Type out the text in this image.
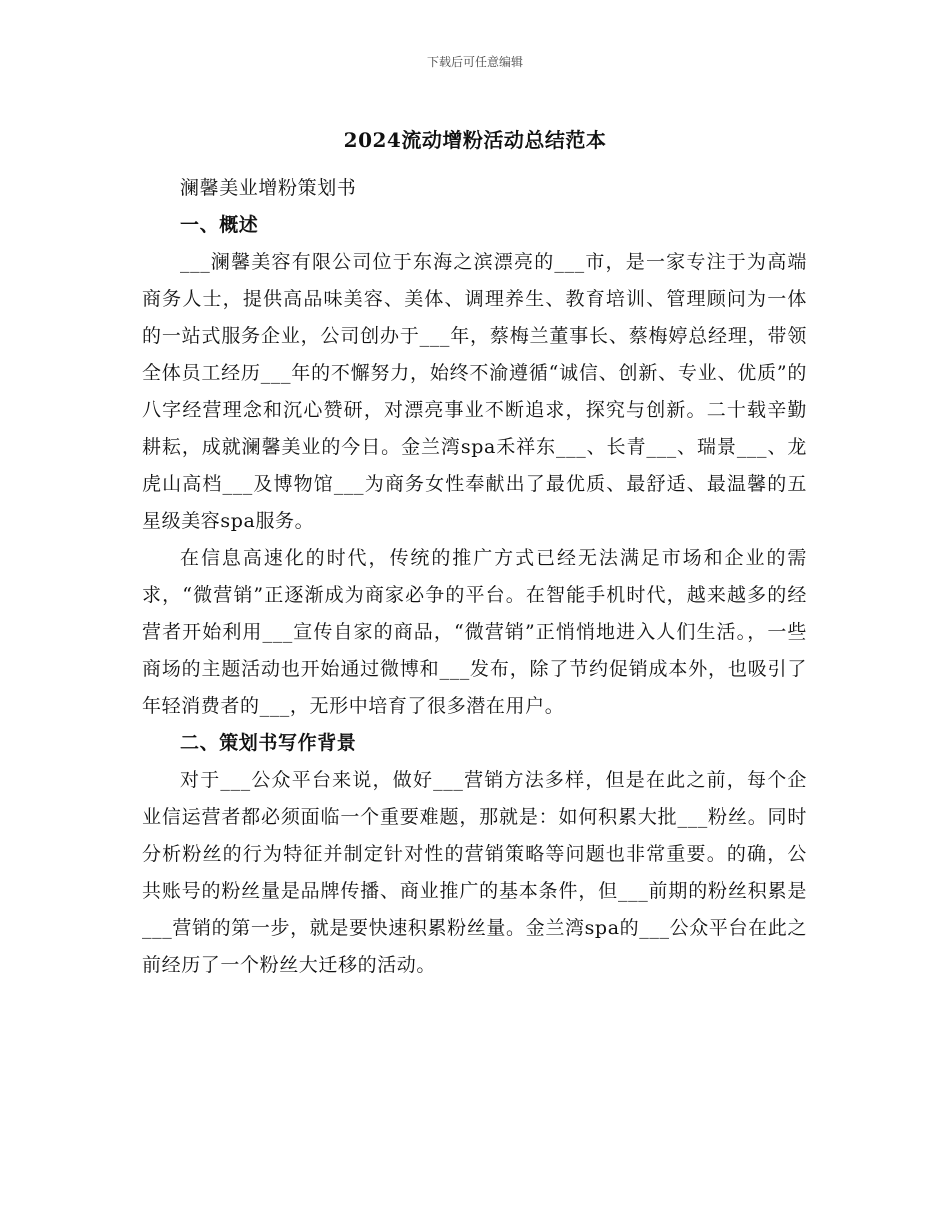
下载后可任意编辑
2024流动增粉活动总结范本

澜馨美业增粉策划书

一、概述

___澜馨美容有限公司位于东海之滨漂亮的___市，是一家专注于为高端商务人士，提供高品味美容、美体、调理养生、教育培训、管理顾问为一体的一站式服务企业，公司创办于___年，蔡梅兰董事长、蔡梅婷总经理，带领全体员工经历___年的不懈努力，始终不渝遵循“诚信、创新、专业、优质”的八字经营理念和沉心赞研，对漂亮事业不断追求，探究与创新。二十载辛勤耕耘，成就澜馨美业的今日。金兰湾spa禾祥东___、长青___、瑞景___、龙虎山高档___及博物馆___为商务女性奉献出了最优质、最舒适、最温馨的五星级美容spa服务。

在信息高速化的时代，传统的推广方式已经无法满足市场和企业的需求，“微营销”正逐渐成为商家必争的平台。在智能手机时代，越来越多的经营者开始利用___宣传自家的商品，“微营销”正悄悄地进入人们生活。，一些商场的主题活动也开始通过微博和___发布，除了节约促销成本外，也吸引了年轻消费者的___，无形中培育了很多潜在用户。

二、策划书写作背景

对于___公众平台来说，做好___营销方法多样，但是在此之前，每个企业信运营者都必须面临一个重要难题，那就是：如何积累大批___粉丝。同时分析粉丝的行为特征并制定针对性的营销策略等问题也非常重要。的确，公共账号的粉丝量是品牌传播、商业推广的基本条件，但___前期的粉丝积累是___营销的第一步，就是要快速积累粉丝量。金兰湾spa的___公众平台在此之前经历了一个粉丝大迁移的活动。
